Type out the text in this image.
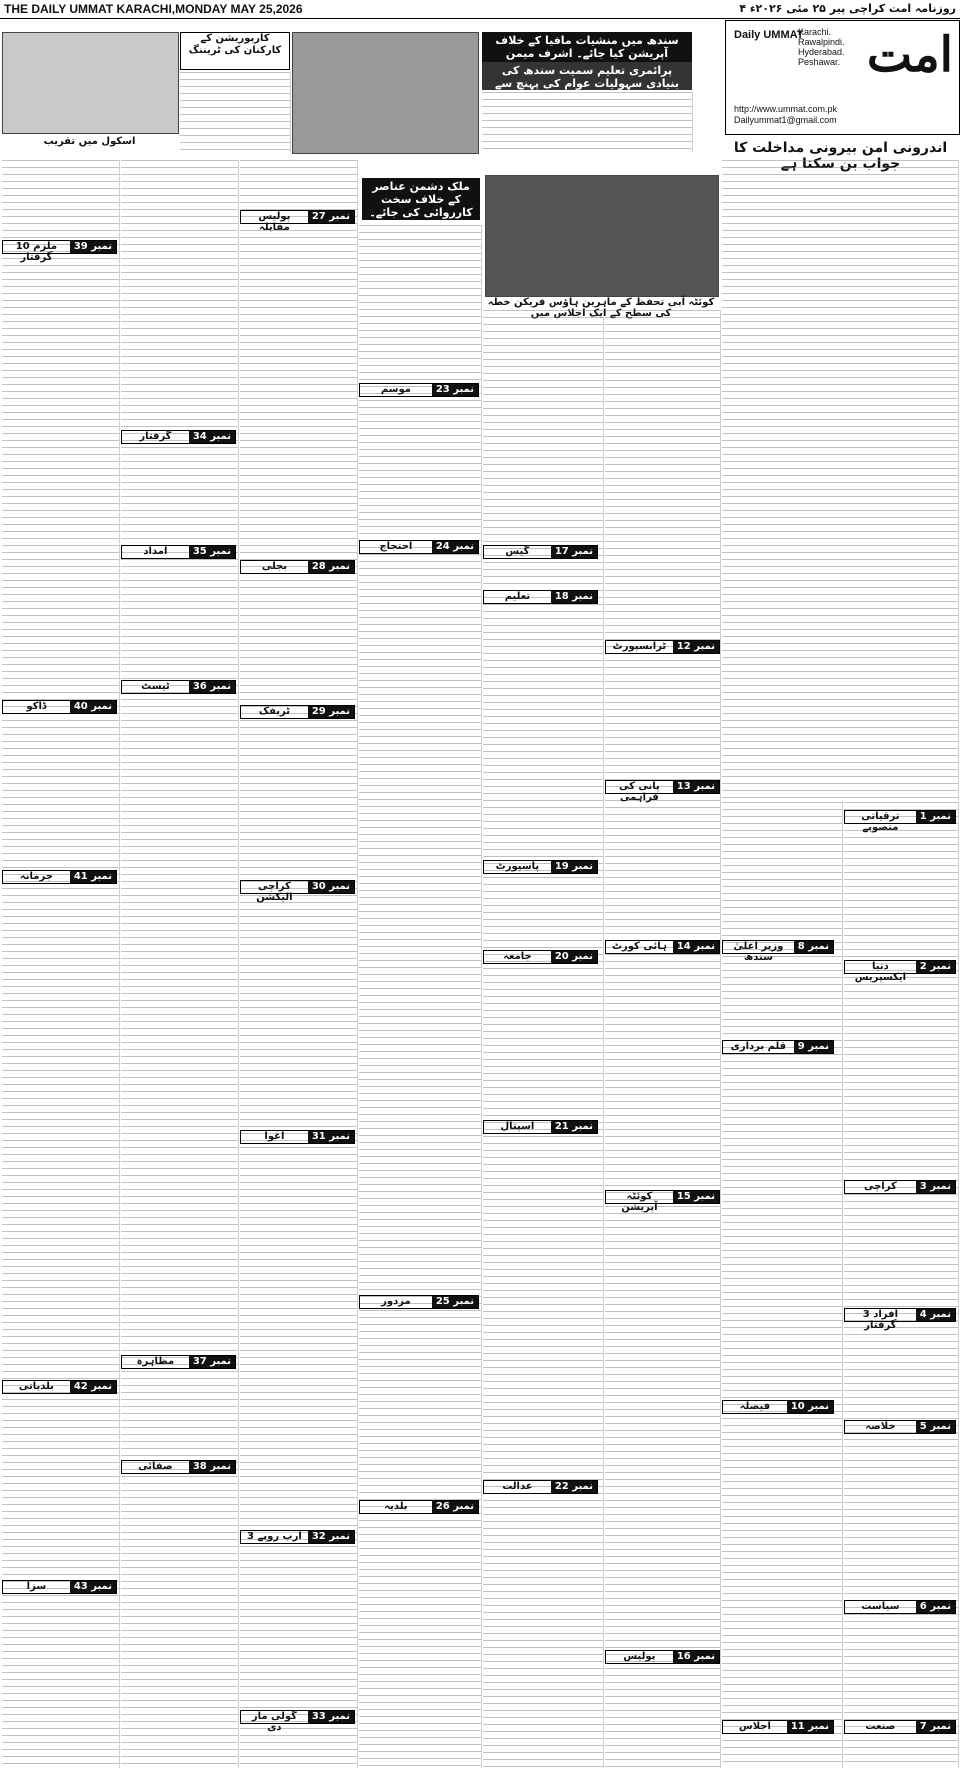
THE DAILY UMMAT KARACHI,MONDAY MAY 25,2026	۴ روزنامہ امت کراچی پیر ۲۵ مئی ۲۰۲۶ء
امت
Daily UMMAT
Karachi.
Rawalpindi.
Hyderabad.
Peshawar.
http://www.ummat.com.pk
Dailyummat1@gmail.com
اندرونی امن بیرونی مداخلت کا جواب بن سکتا ہے
اسکول میں تقریب
کارپوریشن کے کارکنان کی ٹریننگ
سندھ میں منشیات مافیا کے خلاف آپریشن کیا جائے۔ اشرف میمن
پرائمری تعلیم سمیت سندھ کی بنیادی سہولیات عوام کی پہنچ سے باہر
کوئٹہ آبی تحفظ کے ماہرین ہاؤس فریکن خطہ کی سطح کے ایک اجلاس میں
ملک دشمن عناصر کے خلاف سخت کارروائی کی جائے۔ سیف بجاجہ
ترقیاتی منصوبے
نمبر 1
دنیا ایکسپریس
نمبر 2
کراچی	نمبر 3
3 افراد گرفتار
نمبر 4
خلاصہ	نمبر 5
سیاست	نمبر 6
صنعت	نمبر 7
وزیر اعلیٰ سندھ
نمبر 8
قلم برداری	نمبر 9
فیصلہ	نمبر 10
اجلاس	نمبر 11
ٹرانسپورٹ	نمبر 12
پانی کی فراہمی
نمبر 13
ہائی کورٹ نمبر 14
کوئٹہ آپریشن
نمبر 15
پولیس	نمبر 16
گیس	نمبر 17
تعلیم	نمبر 18
پاسپورٹ	نمبر 19
جامعہ	نمبر 20
اسپتال	نمبر 21
عدالت	نمبر 22
موسم	نمبر 23
احتجاج	نمبر 24
مزدور	نمبر 25
بلدیہ	نمبر 26
پولیس مقابلہ
نمبر 27
بجلی	نمبر 28
ٹریفک	نمبر 29
کراچی الیکشن
نمبر 30
اغوا	نمبر 31
3 ارب روپے	نمبر 32
گولی مار دی
نمبر 33
گرفتار	نمبر 34
امداد	نمبر 35
ٹیسٹ	نمبر 36
مظاہرہ	نمبر 37
صفائی	نمبر 38
10 ملزم گرفتار
نمبر 39
ڈاکو	نمبر 40
جرمانہ	نمبر 41
بلدیاتی	نمبر 42
سزا	نمبر 43
